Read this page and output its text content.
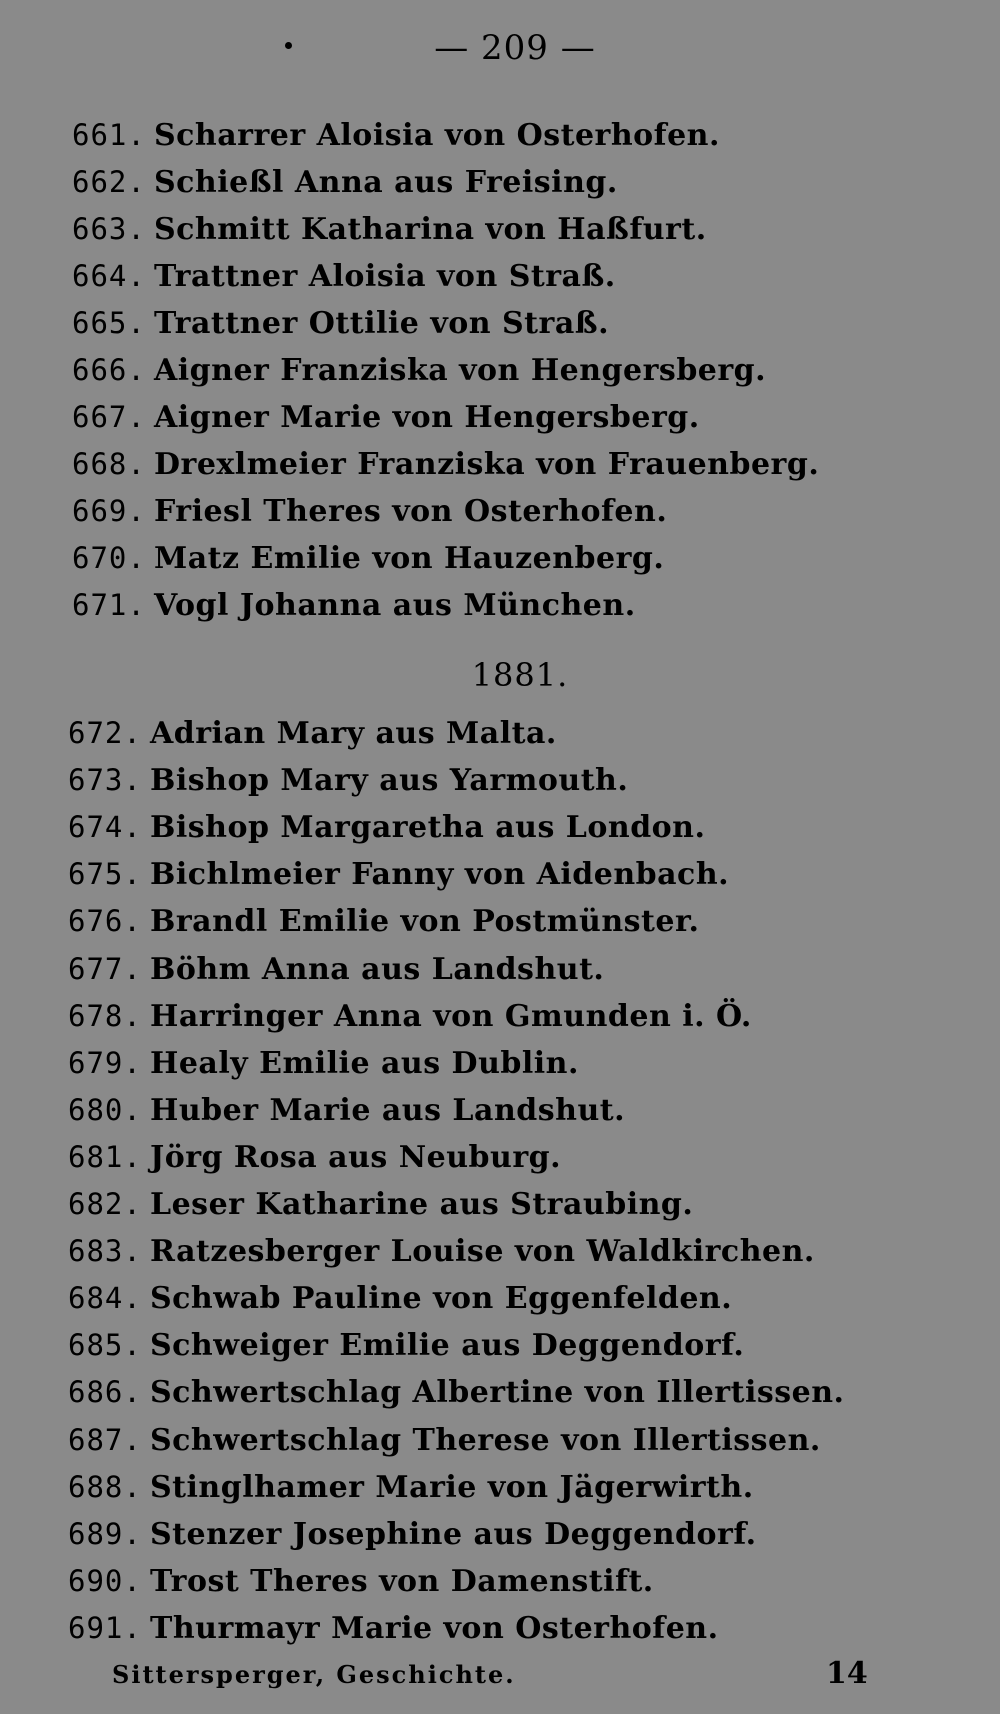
— 209 —
661. Scharrer Aloisia von Osterhofen.
662. Schießl Anna aus Freising.
663. Schmitt Katharina von Haßfurt.
664. Trattner Aloisia von Straß.
665. Trattner Ottilie von Straß.
666. Aigner Franziska von Hengersberg.
667. Aigner Marie von Hengersberg.
668. Drexlmeier Franziska von Frauenberg.
669. Friesl Theres von Osterhofen.
670. Matz Emilie von Hauzenberg.
671. Vogl Johanna aus München.
1881.
672. Adrian Mary aus Malta.
673. Bishop Mary aus Yarmouth.
674. Bishop Margaretha aus London.
675. Bichlmeier Fanny von Aidenbach.
676. Brandl Emilie von Postmünster.
677. Böhm Anna aus Landshut.
678. Harringer Anna von Gmunden i. Ö.
679. Healy Emilie aus Dublin.
680. Huber Marie aus Landshut.
681. Jörg Rosa aus Neuburg.
682. Leser Katharine aus Straubing.
683. Ratzesberger Louise von Waldkirchen.
684. Schwab Pauline von Eggenfelden.
685. Schweiger Emilie aus Deggendorf.
686. Schwertschlag Albertine von Illertissen.
687. Schwertschlag Therese von Illertissen.
688. Stinglhamer Marie von Jägerwirth.
689. Stenzer Josephine aus Deggendorf.
690. Trost Theres von Damenstift.
691. Thurmayr Marie von Osterhofen.
Sittersperger, Geschichte.	14
